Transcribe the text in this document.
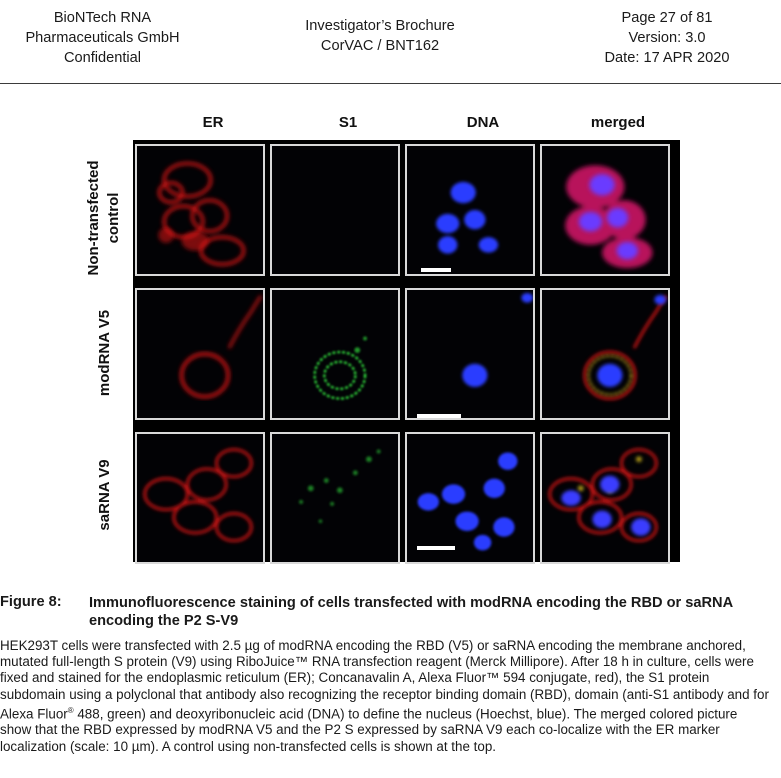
BioNTech RNA
Pharmaceuticals GmbH
Confidential
Investigator’s Brochure
CorVAC / BNT162
Page 27 of 81
Version: 3.0
Date: 17 APR 2020
ER	S1	DNA	merged
Non-transfected control
modRNA V5
saRNA V9
Figure 8: Immunofluorescence staining of cells transfected with modRNA encoding the RBD or saRNA encoding the P2 S-V9
HEK293T cells were transfected with 2.5 µg of modRNA encoding the RBD (V5) or saRNA encoding the membrane anchored, mutated full-length S protein (V9) using RiboJuice™ RNA transfection reagent (Merck Millipore). After 18 h in culture, cells were fixed and stained for the endoplasmic reticulum (ER); Concanavalin A, Alexa Fluor™ 594 conjugate, red), the S1 protein subdomain using a polyclonal that antibody also recognizing the receptor binding domain (RBD), domain (anti-S1 antibody and for Alexa Fluor® 488, green) and deoxyribonucleic acid (DNA) to define the nucleus (Hoechst, blue). The merged colored picture show that the RBD expressed by modRNA V5 and the P2 S expressed by saRNA V9 each co-localize with the ER marker localization (scale: 10 µm). A control using non-transfected cells is shown at the top.
